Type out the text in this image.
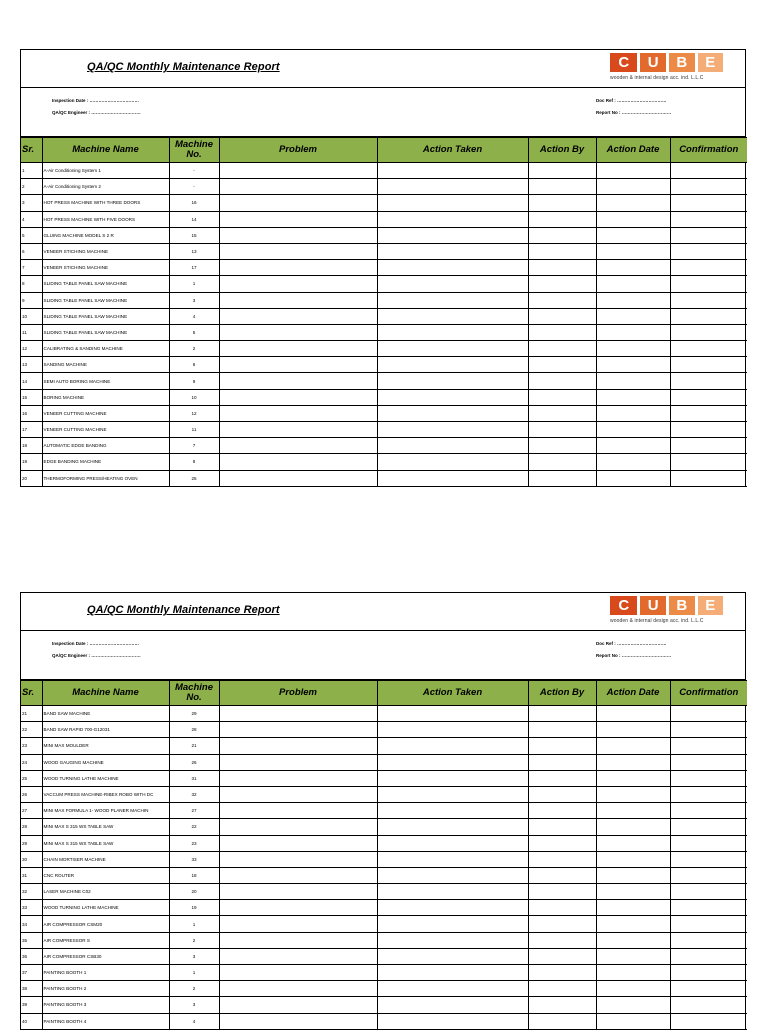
QA/QC Monthly Maintenance Report	C	U	B	E
wooden & internal design acc. ind. L.L.C
Inspection Date : ……………………………
QA/QC Engineer : ……………………………
Doc Ref : ……………………………
Report No : ……………………………
Sr.	Machine Name	Machine No.	Problem	Action Taken	Action By	Action Date	Confirmation
1	A-Air Conditioning System 1	-					
2	A-Air Conditioning System 2	-					
3	HOT PRESS MACHINE WITH THREE DOORS	16					
4	HOT PRESS MACHINE WITH FIVE DOORS	14					
5	GLUING MACHINE MODEL S 2 R	15					
6	VENEER STICHING MACHINE	13					
7	VENEER STICHING MACHINE	17					
8	SLIDING TABLE PANEL SAW MACHINE	1					
9	SLIDING TABLE PANEL SAW MACHINE	3					
10	SLIDING TABLE PANEL SAW MACHINE	4					
11	SLIDING TABLE PANEL SAW MACHINE	5					
12	CALIBRATING & SANDING MACHINE	2					
13	SANDING MACHINE	6					
14	SEMI AUTO BORING MACHINE	9					
15	BORING MACHINE	10					
16	VENEER CUTTING MACHINE	12					
17	VENEER CUTTING MACHINE	11					
18	AUTOMATIC EDGE BANDING	7					
19	EDGE BANDING MACHINE	8					
20	THERMOFORMING PRESS/HEATING OVEN	25					
QA/QC Monthly Maintenance Report	C	U	B	E
wooden & internal design acc. ind. L.L.C
Inspection Date : ……………………………
QA/QC Engineer : ……………………………
Doc Ref : ……………………………
Report No : ……………………………
Sr.	Machine Name	Machine No.	Problem	Action Taken	Action By	Action Date	Confirmation
21	BAND SAW MACHINE	29					
22	BAND SAW RAPID 700-G12031	28					
23	MINI MAX MOULDER	21					
24	WOOD GAUGING MACHINE	26					
25	WOOD TURNING LATHE MACHINE	31					
26	VACCUM PRESS MACHINE-RIBEX ROBO WITH DC	32					
27	MINI MAX FORMULA 1- WOOD PLANER MACHIN	27					
28	MINI MAX S 315 WS TABLE SAW	22					
29	MINI MAX S 315 WS TABLE SAW	23					
30	CHAIN MORTISER MACHINE	33					
31	CNC ROUTER	18					
32	LASER MACHINE C02	20					
33	WOOD TURNING LATHE MACHINE	19					
34	AIR COMPRESSOR CSM20	1					
35	AIR COMPRESSOR S	2					
36	AIR COMPRESSOR CSB30	3					
37	PAINTING BOOTH 1	1					
38	PAINTING BOOTH 2	2					
39	PAINTING BOOTH 3	3					
40	PAINTING BOOTH 4	4					
